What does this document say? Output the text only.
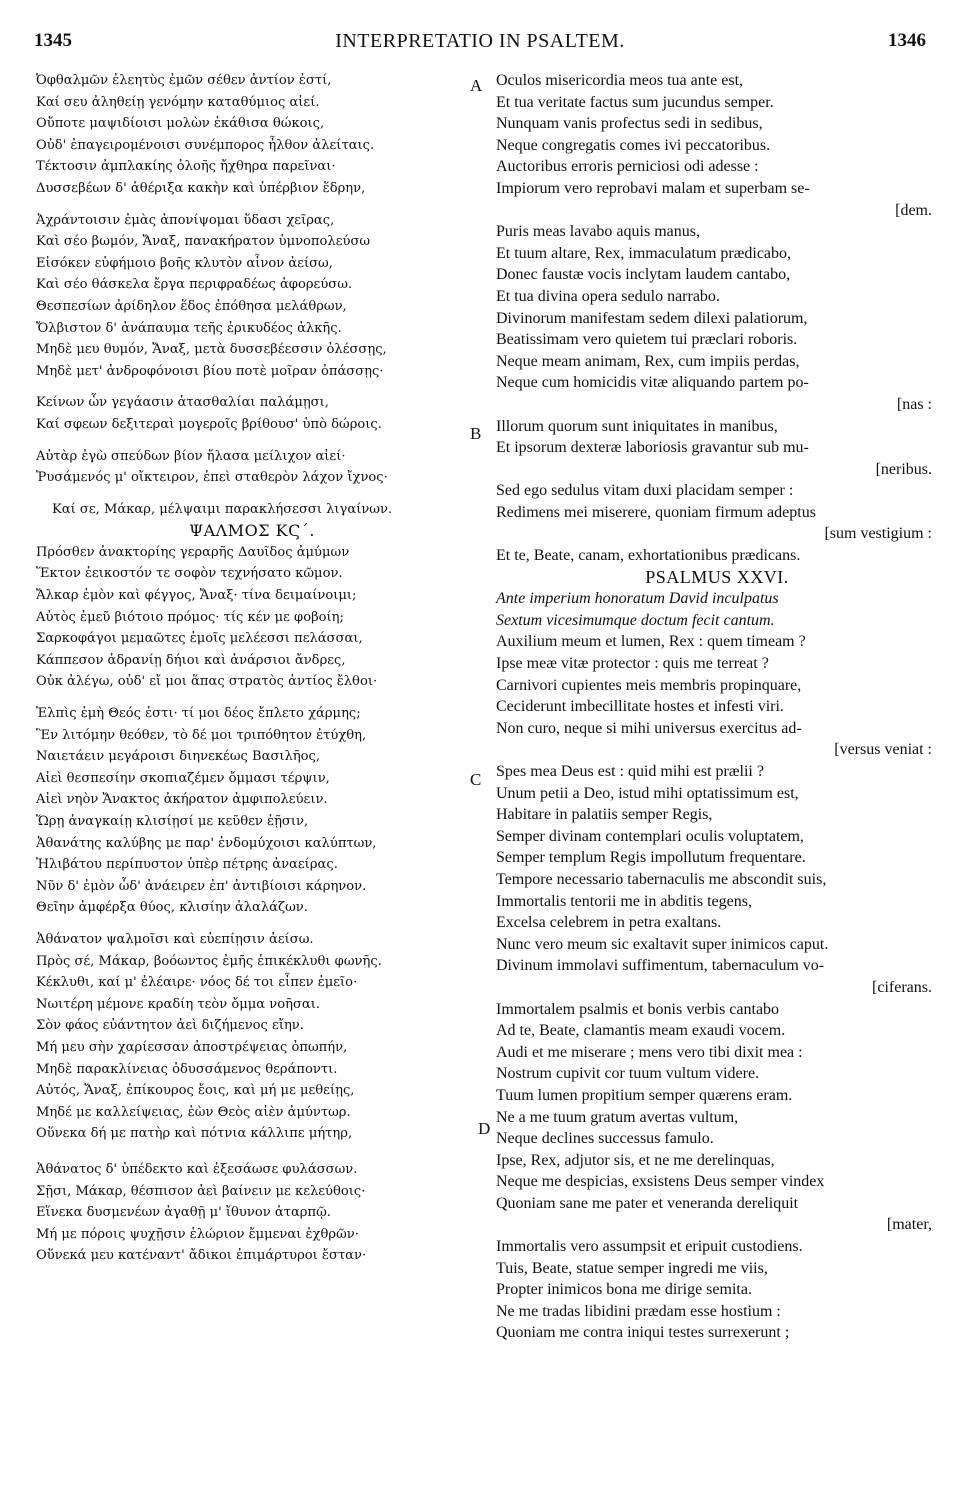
1345	INTERPRETATIO IN PSALTEM.	1346
Ὀφθαλμῶν ἐλεητὺς ἐμῶν σέθεν ἀντίον ἐστί,
Καί σευ ἀληθείῃ γενόμην καταθύμιος αἰεί.
Οὔποτε μαψιδίοισι μολὼν ἐκάθισα θώκοις,
Οὐδ' ἐπαγειρομένοισι συνέμπορος ἦλθον ἀλείταις.
Τέκτοσιν ἀμπλακίης ὀλοῆς ἤχθηρα παρεῖναι·
Δυσσεβέων δ' ἀθέριξα κακὴν καὶ ὑπέρβιον ἕδρην,
Ἀχράντοισιν ἐμὰς ἀπονίψομαι ὕδασι χεῖρας,
Καὶ σέο βωμόν, Ἄναξ, πανακήρατον ὑμνοπολεύσω
Εἰσόκεν εὐφήμοιο βοῆς κλυτὸν αἶνον ἀείσω,
Καὶ σέο θάσκελα ἔργα περιφραδέως ἀφορεύσω.
Θεσπεσίων ἀρίδηλον ἕδος ἐπόθησα μελάθρων,
Ὄλβιστον δ' ἀνάπαυμα τεῆς ἐρικυδέος ἀλκῆς.
Μηδὲ μευ θυμόν, Ἄναξ, μετὰ δυσσεβέεσσιν ὀλέσσῃς,
Μηδὲ μετ' ἀνδροφόνοισι βίου ποτὲ μοῖραν ὀπάσσῃς·
Κείνων ὧν γεγάασιν ἀτασθαλίαι παλάμῃσι,
Καί σφεων δεξιτεραὶ μογεροῖς βρίθουσ' ὑπὸ δώροις.
Αὐτὰρ ἐγὼ σπεύδων βίον ἤλασα μείλιχον αἰεί·
Ῥυσάμενός μ' οἴκτειρον, ἐπεὶ σταθερὸν λάχον ἴχνος·
Καί σε, Μάκαρ, μέλψαιμι παρακλήσεσσι λιγαίνων.
ΨΑΛΜΟΣ ΚϚ΄.
Πρόσθεν ἀνακτορίης γεραρῆς Δαυῖδος ἀμύμων
Ἕκτον ἐεικοστόν τε σοφὸν τεχνήσατο κῶμον.
Ἄλκαρ ἐμὸν καὶ φέγγος, Ἄναξ· τίνα δειμαίνοιμι;
Αὐτὸς ἐμεῦ βιότοιο πρόμος· τίς κέν με φοβοίη;
Σαρκοφάγοι μεμαῶτες ἐμοῖς μελέεσσι πελάσσαι,
Κάππεσον ἀδρανίῃ δήιοι καὶ ἀνάρσιοι ἄνδρες,
Οὐκ ἀλέγω, οὐδ' εἴ μοι ἅπας στρατὸς ἀντίος ἔλθοι·
Ἐλπὶς ἐμὴ Θεός ἐστι· τί μοι δέος ἔπλετο χάρμης;
Ἓν λιτόμην θεόθεν, τὸ δέ μοι τριπόθητον ἐτύχθη,
Ναιετάειν μεγάροισι διηνεκέως Βασιλῆος,
Αἰεὶ θεσπεσίην σκοπιαζέμεν ὄμμασι τέρψιν,
Αἰεὶ νηὸν Ἄνακτος ἀκήρατον ἀμφιπολεύειν.
Ὥρῃ ἀναγκαίῃ κλισίῃσί με κεῦθεν ἑῇσιν,
Ἀθανάτης καλύβης με παρ' ἐνδομύχοισι καλύπτων,
Ἠλιβάτου περίπυστον ὑπὲρ πέτρης ἀναείρας.
Νῦν δ' ἐμὸν ὧδ' ἀνάειρεν ἐπ' ἀντιβίοισι κάρηνον.
Θεῖην ἀμφέρξα θύος, κλισίην ἀλαλάζων.
Ἀθάνατον ψαλμοῖσι καὶ εὐεπίῃσιν ἀείσω.
Πρὸς σέ, Μάκαρ, βοόωντος ἐμῆς ἐπικέκλυθι φωνῆς.
Κέκλυθι, καί μ' ἐλέαιρε· νόος δέ τοι εἶπεν ἐμεῖο·
Νωιτέρη μέμονε κραδίη τεὸν ὄμμα νοῆσαι.
Σὸν φάος εὐάντητον ἀεὶ διζήμενος εἴην.
Μή μευ σὴν χαρίεσσαν ἀποστρέψειας ὀπωπήν,
Μηδὲ παρακλίνειας ὀδυσσάμενος θεράποντι.
Αὐτός, Ἄναξ, ἐπίκουρος ἔοις, καὶ μή με μεθείῃς,
Μηδέ με καλλείψειας, ἐὼν Θεὸς αἰὲν ἀμύντωρ.
Οὕνεκα δή με πατὴρ καὶ πότνια κάλλιπε μήτηρ,
Ἀθάνατος δ' ὑπέδεκτο καὶ ἐξεσάωσε φυλάσσων.
Σῇσι, Μάκαρ, θέσπισον ἀεὶ βαίνειν με κελεύθοις·
Εἵνεκα δυσμενέων ἀγαθῇ μ' ἴθυνον ἀταρπῷ.
Μή με πόροις ψυχῇσιν ἑλώριον ἔμμεναι ἐχθρῶν·
Οὕνεκά μευ κατέναντ' ἄδικοι ἐπιμάρτυροι ἔσταν·
Oculos misericordia meos tua ante est,
Et tua veritate factus sum jucundus semper.
Nunquam vanis profectus sedi in sedibus,
Neque congregatis comes ivi peccatoribus.
Auctoribus erroris perniciosi odi adesse :
Impiorum vero reprobavi malam et superbam se-
[dem.
Puris meas lavabo aquis manus,
Et tuum altare, Rex, immaculatum prædicabo,
Donec faustæ vocis inclytam laudem cantabo,
Et tua divina opera sedulo narrabo.
Divinorum manifestam sedem dilexi palatiorum,
Beatissimam vero quietem tui præclari roboris.
Neque meam animam, Rex, cum impiis perdas,
Neque cum homicidis vitæ aliquando partem po-
[nas :
Illorum quorum sunt iniquitates in manibus,
Et ipsorum dexteræ laboriosis gravantur sub mu-
[neribus.
Sed ego sedulus vitam duxi placidam semper :
Redimens mei miserere, quoniam firmum adeptus
[sum vestigium :
Et te, Beate, canam, exhortationibus prædicans.
PSALMUS XXVI.
Ante imperium honoratum David inculpatus
Sextum vicesimumque doctum fecit cantum.
Auxilium meum et lumen, Rex : quem timeam ?
Ipse meæ vitæ protector : quis me terreat ?
Carnivori cupientes meis membris propinquare,
Ceciderunt imbecillitate hostes et infesti viri.
Non curo, neque si mihi universus exercitus ad-
[versus veniat :
Spes mea Deus est : quid mihi est prælii ?
Unum petii a Deo, istud mihi optatissimum est,
Habitare in palatiis semper Regis,
Semper divinam contemplari oculis voluptatem,
Semper templum Regis impollutum frequentare.
Tempore necessario tabernaculis me abscondit suis,
Immortalis tentorii me in abditis tegens,
Excelsa celebrem in petra exaltans.
Nunc vero meum sic exaltavit super inimicos caput.
Divinum immolavi suffimentum, tabernaculum vo-
[ciferans.
Immortalem psalmis et bonis verbis cantabo
Ad te, Beate, clamantis meam exaudi vocem.
Audi et me miserare ; mens vero tibi dixit mea :
Nostrum cupivit cor tuum vultum videre.
Tuum lumen propitium semper quærens eram.
Ne a me tuum gratum avertas vultum,
Neque declines successus famulo.
Ipse, Rex, adjutor sis, et ne me derelinquas,
Neque me despicias, exsistens Deus semper vindex
Quoniam sane me pater et veneranda dereliquit
[mater,
Immortalis vero assumpsit et eripuit custodiens.
Tuis, Beate, statue semper ingredi me viis,
Propter inimicos bona me dirige semita.
Ne me tradas libidini prædam esse hostium :
Quoniam me contra iniqui testes surrexerunt ;
A
B
C
D
